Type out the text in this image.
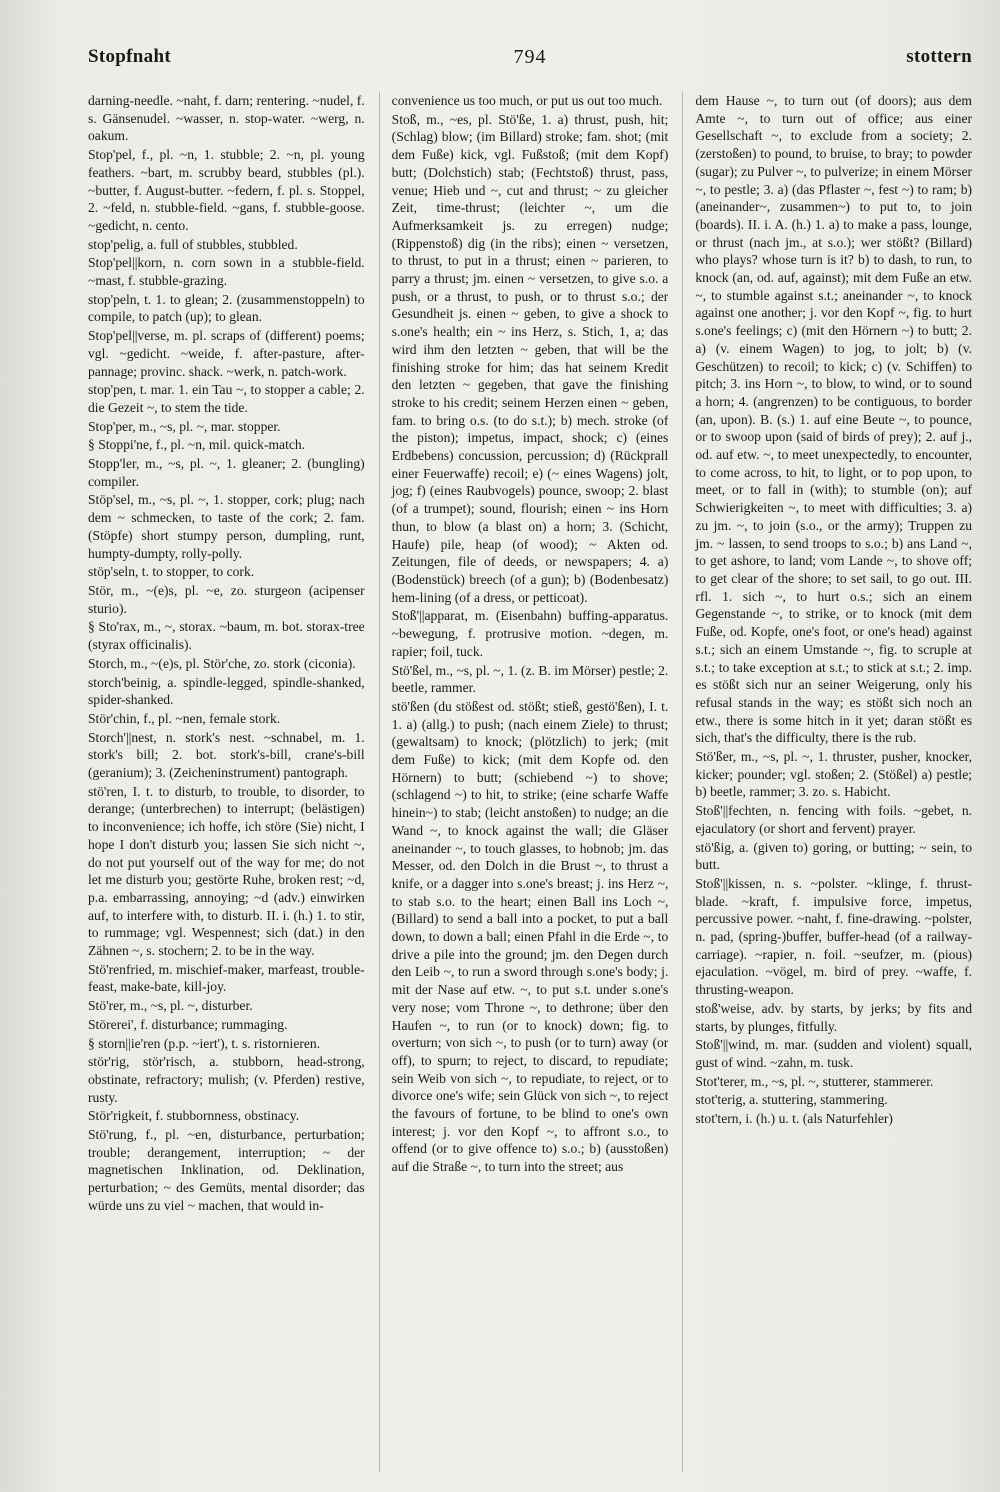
Stopfnaht	794	stottern

darning-needle. ~naht, f. darn; rentering. ~nudel, f. s. Gänsenudel. ~wasser, n. stop-water. ~werg, n. oakum.

Stop'pel, f., pl. ~n, 1. stubble; 2. ~n, pl. young feathers. ~bart, m. scrubby beard, stubbles (pl.). ~butter, f. August-butter. ~federn, f. pl. s. Stoppel, 2. ~feld, n. stubble-field. ~gans, f. stubble-goose. ~gedicht, n. cento.

stop'pelig, a. full of stubbles, stubbled.

Stop'pel||korn, n. corn sown in a stubble-field. ~mast, f. stubble-grazing.

stop'peln, t. 1. to glean; 2. (zusammenstoppeln) to compile, to patch (up); to glean.

Stop'pel||verse, m. pl. scraps of (different) poems; vgl. ~gedicht. ~weide, f. after-pasture, after-pannage; provinc. shack. ~werk, n. patch-work.

stop'pen, t. mar. 1. ein Tau ~, to stopper a cable; 2. die Gezeit ~, to stem the tide.

Stop'per, m., ~s, pl. ~, mar. stopper.

§ Stoppi'ne, f., pl. ~n, mil. quick-match.

Stopp'ler, m., ~s, pl. ~, 1. gleaner; 2. (bungling) compiler.

Stöp'sel, m., ~s, pl. ~, 1. stopper, cork; plug; nach dem ~ schmecken, to taste of the cork; 2. fam. (Stöpfe) short stumpy person, dumpling, runt, humpty-dumpty, rolly-polly.

stöp'seln, t. to stopper, to cork.

Stör, m., ~(e)s, pl. ~e, zo. sturgeon (acipenser sturio).

§ Sto'rax, m., ~, storax. ~baum, m. bot. storax-tree (styrax officinalis).

Storch, m., ~(e)s, pl. Stör'che, zo. stork (ciconia).

storch'beinig, a. spindle-legged, spindle-shanked, spider-shanked.

Stör'chin, f., pl. ~nen, female stork.

Storch'||nest, n. stork's nest. ~schnabel, m. 1. stork's bill; 2. bot. stork's-bill, crane's-bill (geranium); 3. (Zeicheninstrument) pantograph.

stö'ren, I. t. to disturb, to trouble, to disorder, to derange; (unterbrechen) to interrupt; (belästigen) to inconvenience; ich hoffe, ich störe (Sie) nicht, I hope I don't disturb you; lassen Sie sich nicht ~, do not put yourself out of the way for me; do not let me disturb you; gestörte Ruhe, broken rest; ~d, p.a. embarrassing, annoying; ~d (adv.) einwirken auf, to interfere with, to disturb. II. i. (h.) 1. to stir, to rummage; vgl. Wespennest; sich (dat.) in den Zähnen ~, s. stochern; 2. to be in the way.

Stö'renfried, m. mischief-maker, marfeast, trouble-feast, make-bate, kill-joy.

Stö'rer, m., ~s, pl. ~, disturber.

Störerei', f. disturbance; rummaging.

§ storn||ie'ren (p.p. ~iert'), t. s. ristornieren.

stör'rig, stör'risch, a. stubborn, head-strong, obstinate, refractory; mulish; (v. Pferden) restive, rusty.

Stör'rigkeit, f. stubbornness, obstinacy.

Stö'rung, f., pl. ~en, disturbance, perturbation; trouble; derangement, interruption; ~ der magnetischen Inklination, od. Deklination, perturbation; ~ des Gemüts, mental disorder; das würde uns zu viel ~ machen, that would in-

convenience us too much, or put us out too much.

Stoß, m., ~es, pl. Stö'ße, 1. a) thrust, push, hit; (Schlag) blow; (im Billard) stroke; fam. shot; (mit dem Fuße) kick, vgl. Fußstoß; (mit dem Kopf) butt; (Dolchstich) stab; (Fechtstoß) thrust, pass, venue; Hieb und ~, cut and thrust; ~ zu gleicher Zeit, time-thrust; (leichter ~, um die Aufmerksamkeit js. zu erregen) nudge; (Rippenstoß) dig (in the ribs); einen ~ versetzen, to thrust, to put in a thrust; einen ~ parieren, to parry a thrust; jm. einen ~ versetzen, to give s.o. a push, or a thrust, to push, or to thrust s.o.; der Gesundheit js. einen ~ geben, to give a shock to s.one's health; ein ~ ins Herz, s. Stich, 1, a; das wird ihm den letzten ~ geben, that will be the finishing stroke for him; das hat seinem Kredit den letzten ~ gegeben, that gave the finishing stroke to his credit; seinem Herzen einen ~ geben, fam. to bring o.s. (to do s.t.); b) mech. stroke (of the piston); impetus, impact, shock; c) (eines Erdbebens) concussion, percussion; d) (Rückprall einer Feuerwaffe) recoil; e) (~ eines Wagens) jolt, jog; f) (eines Raubvogels) pounce, swoop; 2. blast (of a trumpet); sound, flourish; einen ~ ins Horn thun, to blow (a blast on) a horn; 3. (Schicht, Haufe) pile, heap (of wood); ~ Akten od. Zeitungen, file of deeds, or newspapers; 4. a) (Bodenstück) breech (of a gun); b) (Bodenbesatz) hem-lining (of a dress, or petticoat).

Stoß'||apparat, m. (Eisenbahn) buffing-apparatus. ~bewegung, f. protrusive motion. ~degen, m. rapier; foil, tuck.

Stö'ßel, m., ~s, pl. ~, 1. (z. B. im Mörser) pestle; 2. beetle, rammer.

stö'ßen (du stößest od. stößt; stieß, gestö'ßen), I. t. 1. a) (allg.) to push; (nach einem Ziele) to thrust; (gewaltsam) to knock; (plötzlich) to jerk; (mit dem Fuße) to kick; (mit dem Kopfe od. den Hörnern) to butt; (schiebend ~) to shove; (schlagend ~) to hit, to strike; (eine scharfe Waffe hinein~) to stab; (leicht anstoßen) to nudge; an die Wand ~, to knock against the wall; die Gläser aneinander ~, to touch glasses, to hobnob; jm. das Messer, od. den Dolch in die Brust ~, to thrust a knife, or a dagger into s.one's breast; j. ins Herz ~, to stab s.o. to the heart; einen Ball ins Loch ~, (Billard) to send a ball into a pocket, to put a ball down, to down a ball; einen Pfahl in die Erde ~, to drive a pile into the ground; jm. den Degen durch den Leib ~, to run a sword through s.one's body; j. mit der Nase auf etw. ~, to put s.t. under s.one's very nose; vom Throne ~, to dethrone; über den Haufen ~, to run (or to knock) down; fig. to overturn; von sich ~, to push (or to turn) away (or off), to spurn; to reject, to discard, to repudiate; sein Weib von sich ~, to repudiate, to reject, or to divorce one's wife; sein Glück von sich ~, to reject the favours of fortune, to be blind to one's own interest; j. vor den Kopf ~, to affront s.o., to offend (or to give offence to) s.o.; b) (ausstoßen) auf die Straße ~, to turn into the street; aus

dem Hause ~, to turn out (of doors); aus dem Amte ~, to turn out of office; aus einer Gesellschaft ~, to exclude from a society; 2. (zerstoßen) to pound, to bruise, to bray; to powder (sugar); zu Pulver ~, to pulverize; in einem Mörser ~, to pestle; 3. a) (das Pflaster ~, fest ~) to ram; b) (aneinander~, zusammen~) to put to, to join (boards). II. i. A. (h.) 1. a) to make a pass, lounge, or thrust (nach jm., at s.o.); wer stößt? (Billard) who plays? whose turn is it? b) to dash, to run, to knock (an, od. auf, against); mit dem Fuße an etw. ~, to stumble against s.t.; aneinander ~, to knock against one another; j. vor den Kopf ~, fig. to hurt s.one's feelings; c) (mit den Hörnern ~) to butt; 2. a) (v. einem Wagen) to jog, to jolt; b) (v. Geschützen) to recoil; to kick; c) (v. Schiffen) to pitch; 3. ins Horn ~, to blow, to wind, or to sound a horn; 4. (angrenzen) to be contiguous, to border (an, upon). B. (s.) 1. auf eine Beute ~, to pounce, or to swoop upon (said of birds of prey); 2. auf j., od. auf etw. ~, to meet unexpectedly, to encounter, to come across, to hit, to light, or to pop upon, to meet, or to fall in (with); to stumble (on); auf Schwierigkeiten ~, to meet with difficulties; 3. a) zu jm. ~, to join (s.o., or the army); Truppen zu jm. ~ lassen, to send troops to s.o.; b) ans Land ~, to get ashore, to land; vom Lande ~, to shove off; to get clear of the shore; to set sail, to go out. III. rfl. 1. sich ~, to hurt o.s.; sich an einem Gegenstande ~, to strike, or to knock (mit dem Fuße, od. Kopfe, one's foot, or one's head) against s.t.; sich an einem Umstande ~, fig. to scruple at s.t.; to take exception at s.t.; to stick at s.t.; 2. imp. es stößt sich nur an seiner Weigerung, only his refusal stands in the way; es stößt sich noch an etw., there is some hitch in it yet; daran stößt es sich, that's the difficulty, there is the rub.

Stö'ßer, m., ~s, pl. ~, 1. thruster, pusher, knocker, kicker; pounder; vgl. stoßen; 2. (Stößel) a) pestle; b) beetle, rammer; 3. zo. s. Habicht.

Stoß'||fechten, n. fencing with foils. ~gebet, n. ejaculatory (or short and fervent) prayer.

stö'ßig, a. (given to) goring, or butting; ~ sein, to butt.

Stoß'||kissen, n. s. ~polster. ~klinge, f. thrust-blade. ~kraft, f. impulsive force, impetus, percussive power. ~naht, f. fine-drawing. ~polster, n. pad, (spring-)buffer, buffer-head (of a railway-carriage). ~rapier, n. foil. ~seufzer, m. (pious) ejaculation. ~vögel, m. bird of prey. ~waffe, f. thrusting-weapon.

stoß'weise, adv. by starts, by jerks; by fits and starts, by plunges, fitfully.

Stoß'||wind, m. mar. (sudden and violent) squall, gust of wind. ~zahn, m. tusk.

Stot'terer, m., ~s, pl. ~, stutterer, stammerer.

stot'terig, a. stuttering, stammering.

stot'tern, i. (h.) u. t. (als Naturfehler)
